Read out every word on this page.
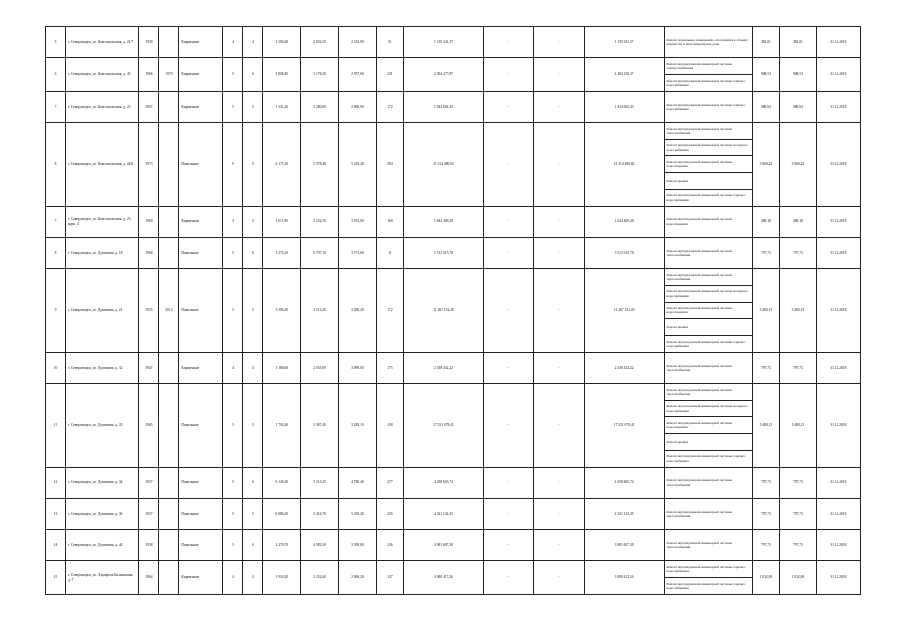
5	г. Североморск, ул. Комсомольская, д. 21/7	1930		Кирпичные	4	4	2 592,60	2 032,50	2 333,90	51	1 139 341,37	-	-	1 139 341,37	Ремонт подвальных помещений, относящихся к общему имуществу в многоквартирном доме	382,01	382,01	31.12.2018
6	г. Североморск, ул. Комсомольская, д. 45	1966	1970	Кирпичные	5	6	3 808,40	3 178,20	2 957,60	241	2 394 477,87	-	-	4 484 250,37	Ремонт внутридомовой инженерной системы электроснабжения	908,54	908,54	31.12.2018
															Ремонт внутридомовой инженерной системы горячего водоснабжения			
7	г. Североморск, ул. Комсомольская, д. 23	1957		Кирпичные	5	5	1 541,20	3 280,80	2 800,90	172	1 924 002,43	-	-	1 924 002,43	Ремонт внутридомовой инженерной системы горячего водоснабжения	586,04	586,04	31.12.2018
8	г. Североморск, ул. Комсомольская, д. 24/6	1973		Панельные	9	5	6 175,10	5 378,40	5 410,20	294	21 314 480,82	-	-	21 314 480,82	Ремонт внутридомовой инженерной системы теплоснабжения	3 960,22	3 960,22	31.12.2018
															Ремонт внутридомовой инженерной системы холодного водоснабжения			
															Ремонт внутридомовой инженерной системы водоотведения			
															Ремонт крыши			
															Ремонт внутридомовой инженерной системы горячего водоснабжения			
7	г. Североморск, ул. Комсомольская, д. 25, корп. 4	1960		Кирпичные	3	3	1 611,90	3 232,50	3 033,00	160	1 644 409,28	-	-	1 644 409,28	Ремонт внутридомовой инженерной системы водоотведения	498,18	498,18	31.12.2018
8	г. Североморск, ул. Душенова, д. 18	1968		Панельные	5	8	1 274,10	6 797,10	3 573,60	11	5 512 615,78	-	-	5 512 615,78	Ремонт внутридомовой инженерной системы теплоснабжения	797,73	797,73	31.12.2018
9	г. Североморск, ул. Душенова, д. 21	1955	2014	Панельные	5	5	3 396,20	3 513,20	3 490,20	172	11 267 152,40	-	-	11 267 152,40	Ремонт внутридомовой инженерной системы теплоснабжения	3 480,15	3 480,15	31.12.2018
															Ремонт внутридомовой инженерной системы холодного водоснабжения			
															Ремонт внутридомовой инженерной системы водоотведения			
															Ремонт крыши			
															Ремонт внутридомовой инженерной системы горячего водоснабжения			
10	г. Североморск, ул. Душенова, д. 32	1947		Кирпичные	4	4	1 180,60	2 035,00	3 089,00	175	2 338 432,22	-	-	2 338 432,22	Ремонт внутридомовой инженерной системы теплоснабжения	797,73	797,73	31.12.2018
11	г. Североморск, ул. Душенова, д. 33	1965		Панельные	5	5	1 792,40	3 387,40	3 282,10	158	17 521 078,41	-	-	17 521 078,41	Ремонт внутридомовой инженерной системы теплоснабжения	3 480,15	3 480,15	31.12.2018
															Ремонт внутридомовой инженерной системы холодного водоснабжения			
															Ремонт внутридомовой инженерной системы водоотведения			
															Ремонт крыши			
															Ремонт внутридомовой инженерной системы горячего водоснабжения			
12	г. Североморск, ул. Душенова, д. 34	1957		Панельные	5	6	6 146,20	5 515,25	4 780,40	277	4 458 665,74	-	-	4 458 665,74	Ремонт внутридомовой инженерной системы теплоснабжения	797,73	797,73	31.12.2018
13	г. Североморск, ул. Душенова, д. 36	1957		Панельные	5	5	6 086,20	5 416,70	5 439,20	235	4 321 132,45	-	-	4 321 132,45	Ремонт внутридомовой инженерной системы теплоснабжения	797,73	797,73	31.12.2018
14	г. Североморск, ул. Душенова, д. 44	1958		Панельные	5	6	2 270,70	4 983,50	3 938,80	236	3 981 607,38	-	-	3 981 607,38	Ремонт внутридомовой инженерной системы теплоснабжения	797,73	797,73	31.12.2018
15	г. Североморск, ул. Адмирала Колышкина, д. 7	1964		Кирпичные	4	4	1 916,20	3 232,60	2 866,20	137	3 080 417,26	-	-	3 080 412,26	Ремонт внутридомовой инженерной системы горячего водоснабжения	1 032,00	1 032,00	31.12.2018
															Ремонт внутридомовой инженерной системы горячего водоснабжения			
